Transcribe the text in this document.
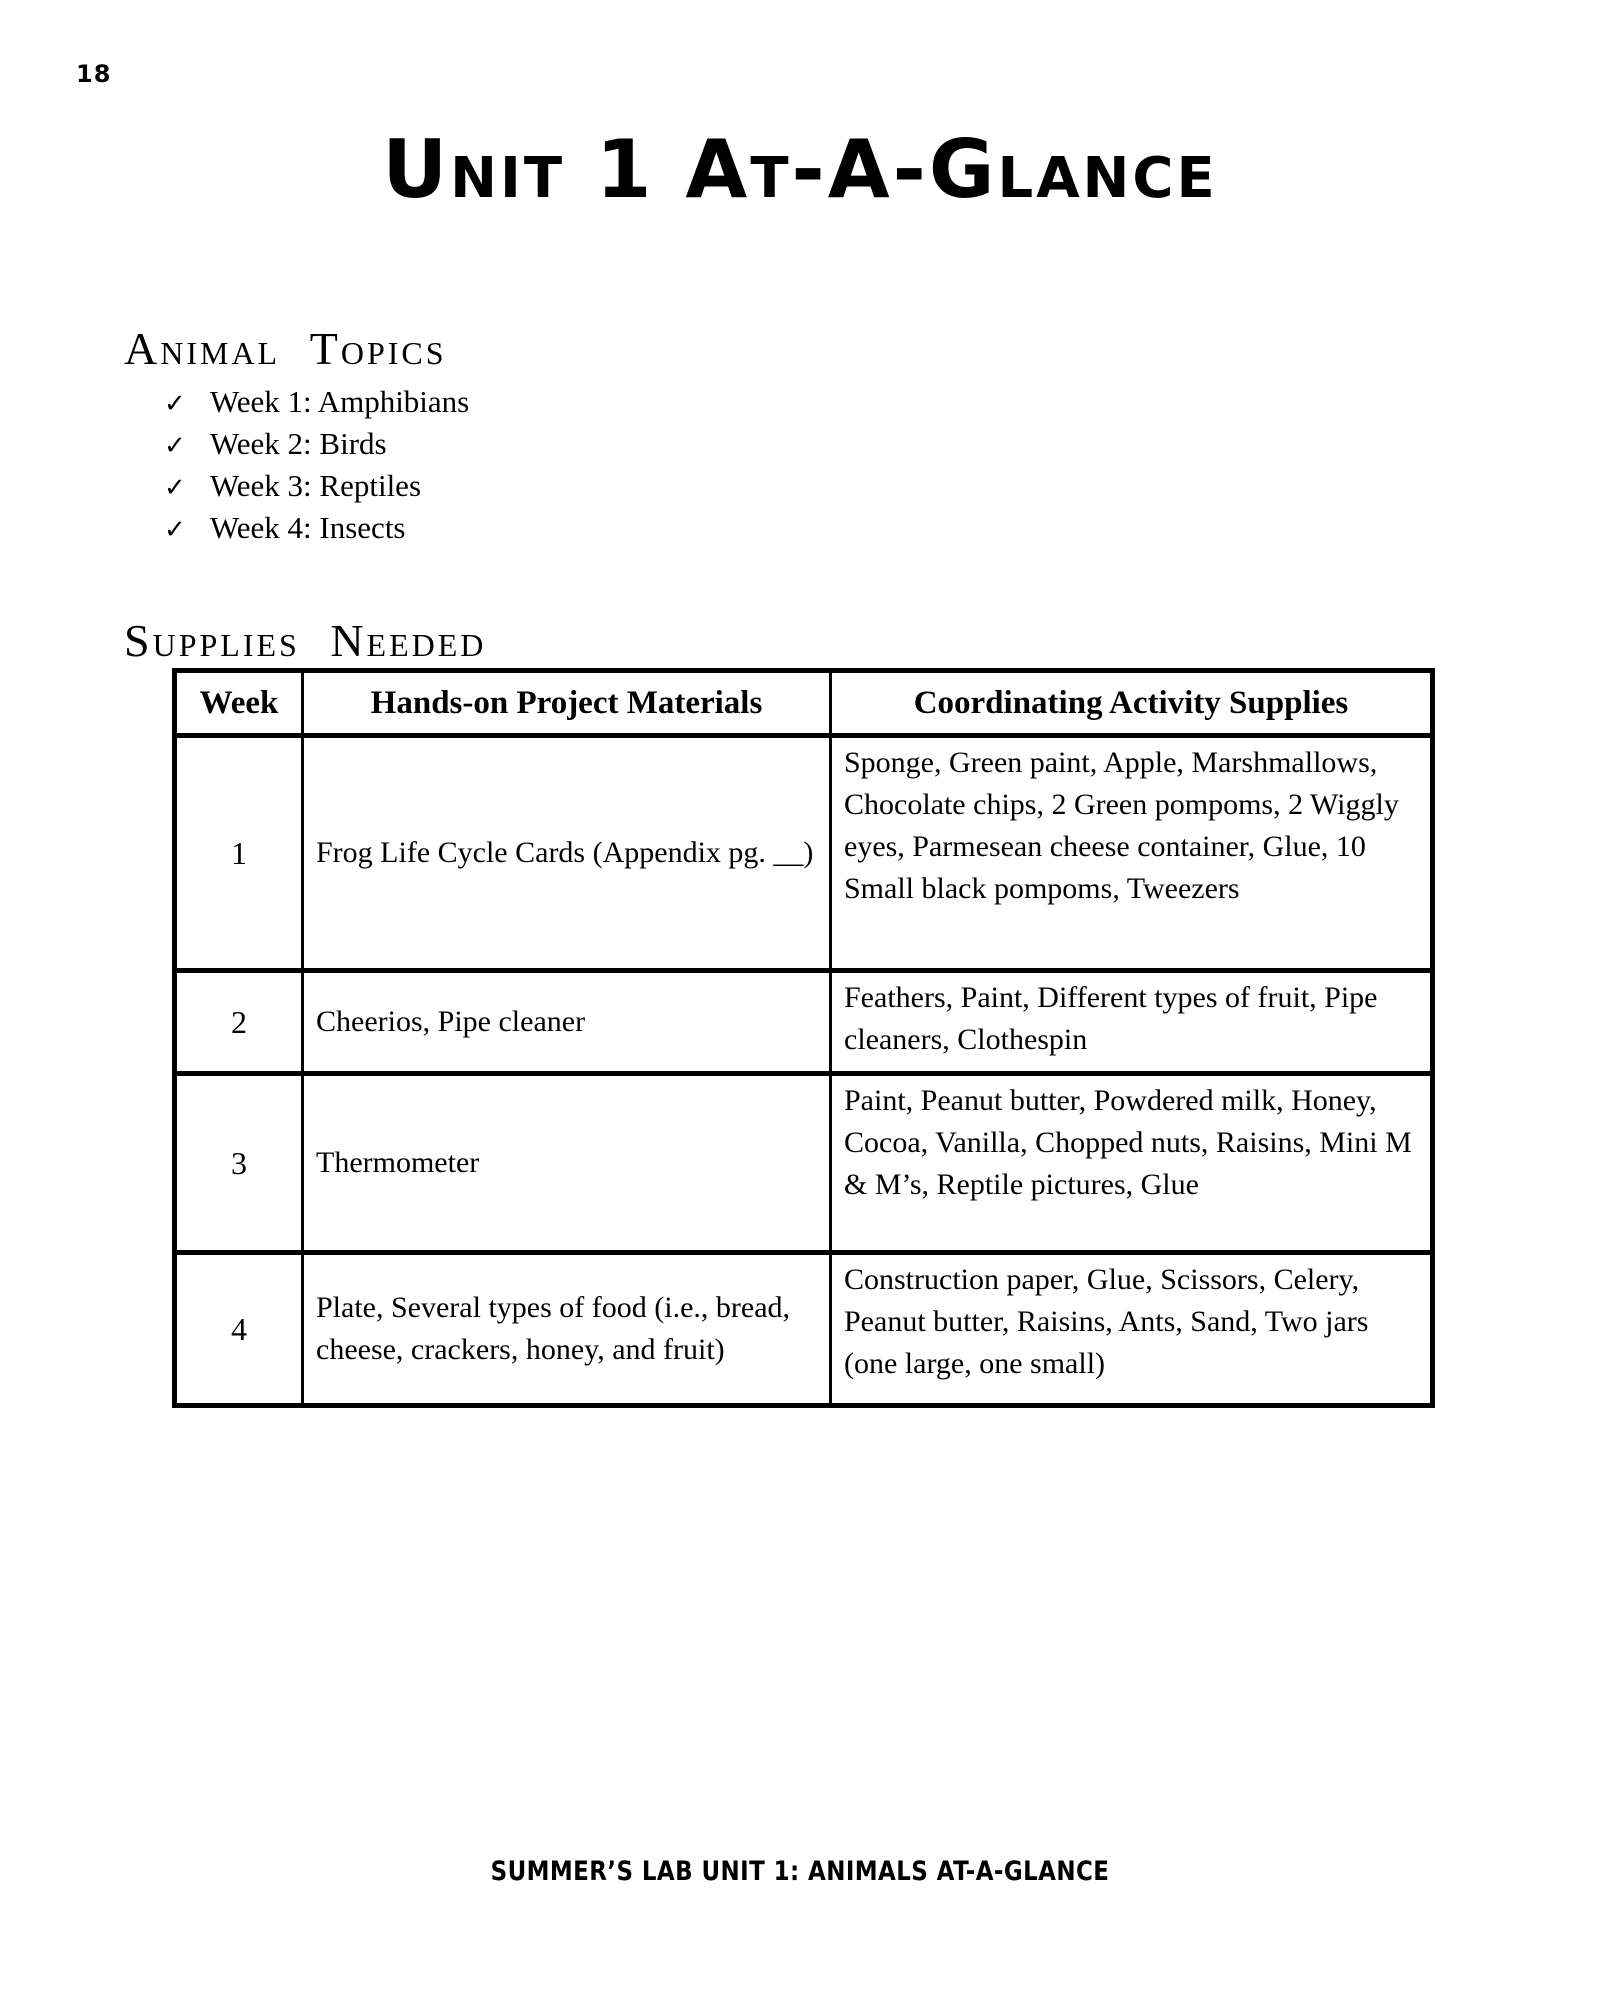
18
Unit 1 At-A-Glance
Animal Topics
✓ Week 1: Amphibians
✓ Week 2: Birds
✓ Week 3: Reptiles
✓ Week 4: Insects
Supplies Needed
Week	Hands-on Project Materials	Coordinating Activity Supplies
1	Frog Life Cycle Cards (Appendix pg. __)	Sponge, Green paint, Apple, Marshmallows, Chocolate chips, 2 Green pompoms, 2 Wiggly eyes, Parmesean cheese container, Glue, 10 Small black pompoms, Tweezers
2	Cheerios, Pipe cleaner	Feathers, Paint, Different types of fruit, Pipe cleaners, Clothespin
3	Thermometer	Paint, Peanut butter, Powdered milk, Honey, Cocoa, Vanilla, Chopped nuts, Raisins, Mini M & M’s, Reptile pictures, Glue
4	Plate, Several types of food (i.e., bread, cheese, crackers, honey, and fruit)	Construction paper, Glue, Scissors, Celery, Peanut butter, Raisins, Ants, Sand, Two jars (one large, one small)
SUMMER’S LAB UNIT 1: ANIMALS AT-A-GLANCE
